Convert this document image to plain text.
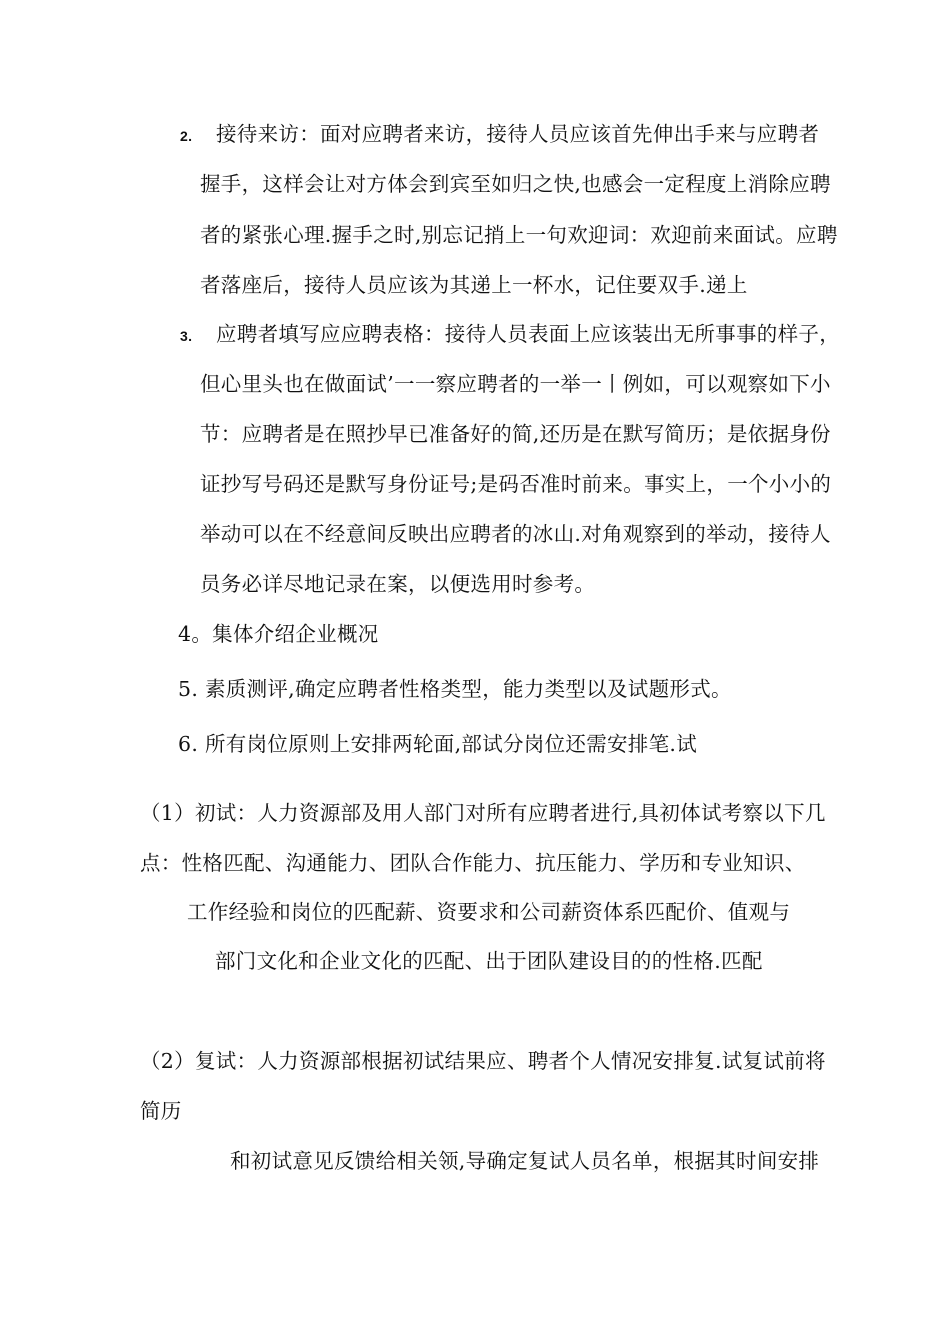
2. 接待来访：面对应聘者来访，接待人员应该首先伸出手来与应聘者
握手，这样会让对方体会到宾至如归之快,也感会一定程度上消除应聘
者的紧张心理.握手之时,别忘记捎上一句欢迎词：欢迎前来面试。应聘
者落座后，接待人员应该为其递上一杯水，记住要双手.递上
3. 应聘者填写应应聘表格：接待人员表面上应该装出无所事事的样子，
但心里头也在做面试’一一察应聘者的一举一丨例如，可以观察如下小
节：应聘者是在照抄早已准备好的简,还历是在默写简历；是依据身份
证抄写号码还是默写身份证号;是码否准时前来。事实上，一个小小的
举动可以在不经意间反映出应聘者的冰山.对角观察到的举动，接待人
员务必详尽地记录在案，以便选用时参考。
4。集体介绍企业概况
5. 素质测评,确定应聘者性格类型，能力类型以及试题形式。
6. 所有岗位原则上安排两轮面,部试分岗位还需安排笔.试
（1）初试：人力资源部及用人部门对所有应聘者进行,具初体试考察以下几
点：性格匹配、沟通能力、团队合作能力、抗压能力、学历和专业知识、
工作经验和岗位的匹配薪、资要求和公司薪资体系匹配价、值观与
部门文化和企业文化的匹配、出于团队建设目的的性格.匹配
（2）复试：人力资源部根据初试结果应、聘者个人情况安排复.试复试前将
简历
和初试意见反馈给相关领,导确定复试人员名单，根据其时间安排
